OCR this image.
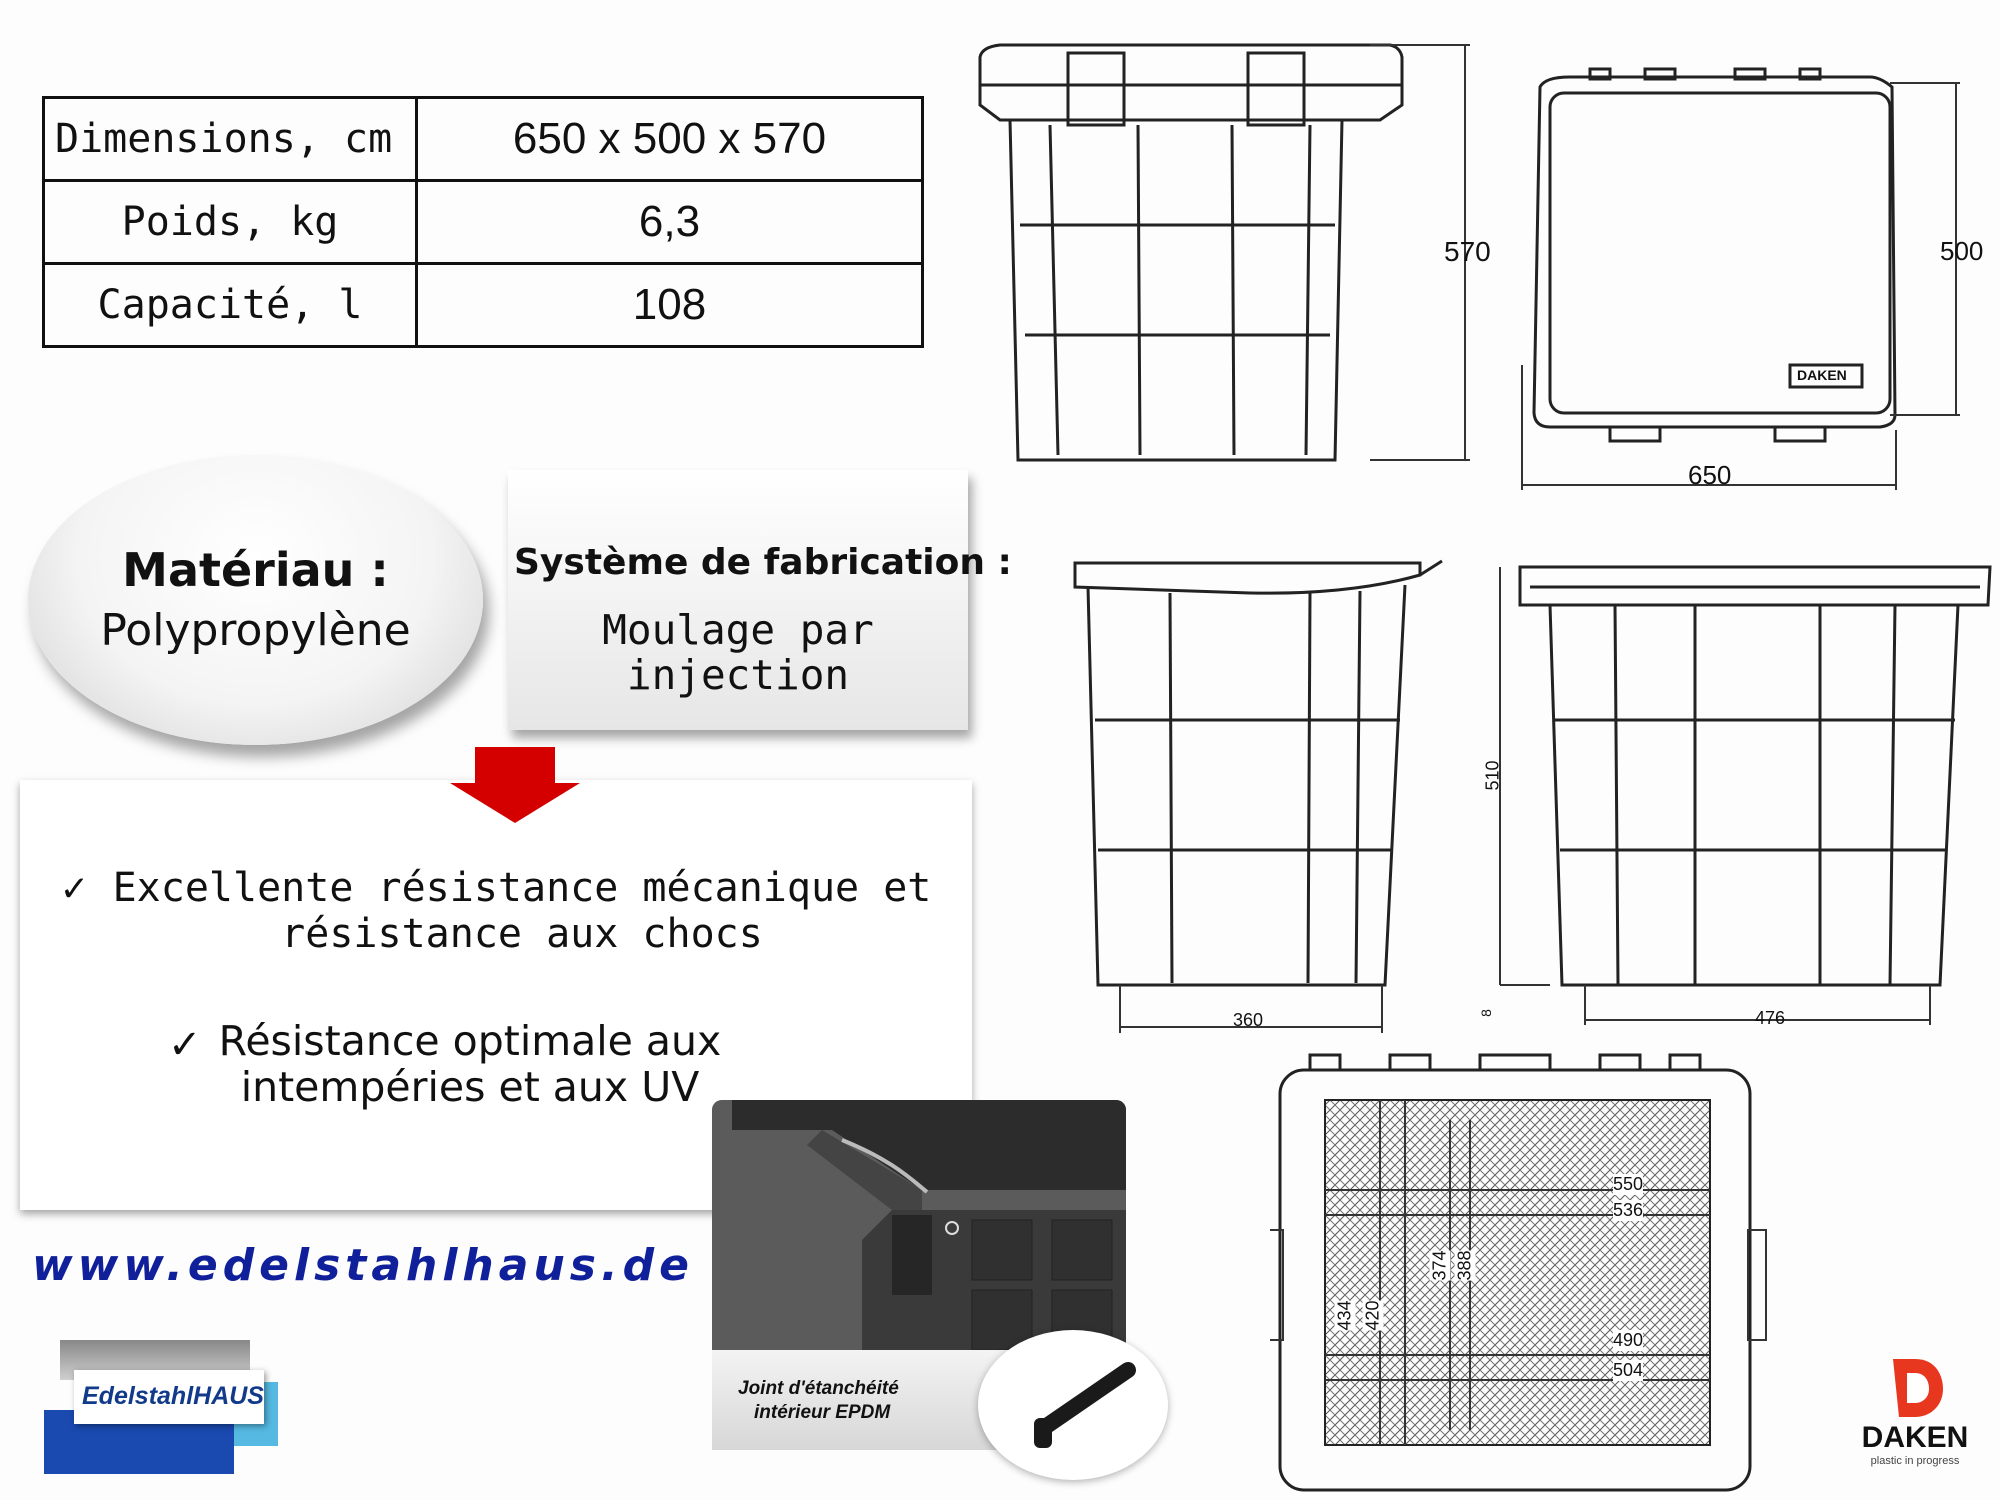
Dimensions, cm	650 x 500 x 570
Poids, kg	6,3
Capacité, l	108
Matériau :
Polypropylène
Système de fabrication :
Moulage par injection
✓ Excellente résistance mécanique et résistance aux chocs
✓ Résistance optimale aux intempéries et aux UV
www.edelstahlhaus.de
Joint d'étanchéité
intérieur EPDM
EdelstahlHAUS
DAKEN
plastic in progress
570
DAKEN
500
650
360
510
8	476
550
536
490
504
374 388
434 420
